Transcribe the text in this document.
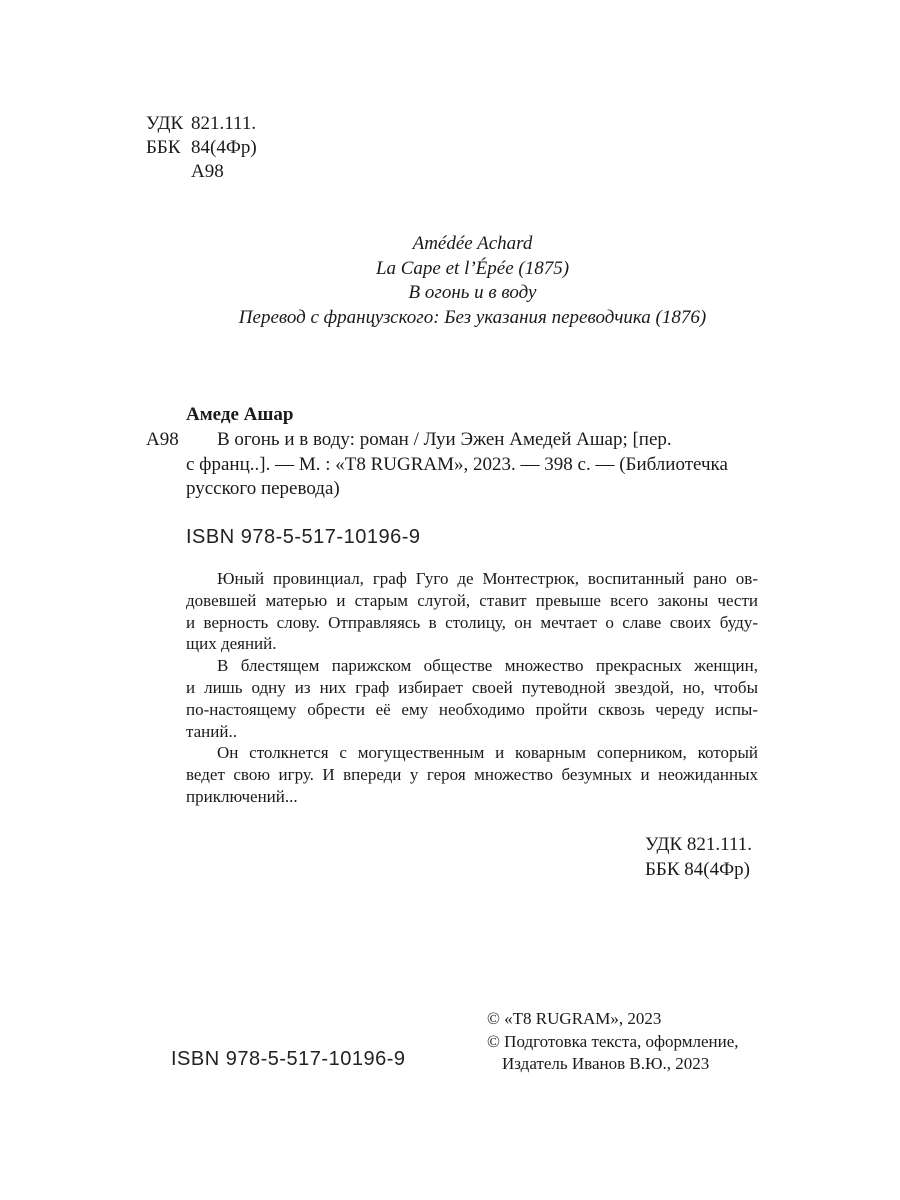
УДК 821.111.
ББК 84(4Фр)
А98
Amédée Achard
La Cape et l’Épée (1875)
В огонь и в воду
Перевод с французского: Без указания переводчика (1876)
Амеде Ашар
А98	В огонь и в воду: роман / Луи Эжен Амедей Ашар; [пер.
с франц..]. — М. : «Т8 RUGRAM», 2023. — 398 с. — (Библиотечка
русского перевода)
ISBN 978-5-517-10196-9
Юный провинциал, граф Гуго де Монтестрюк, воспитанный рано ов-
довевшей матерью и старым слугой, ставит превыше всего законы чести
и верность слову. Отправляясь в столицу, он мечтает о славе своих буду-
щих деяний.
В блестящем парижском обществе множество прекрасных женщин,
и лишь одну из них граф избирает своей путеводной звездой, но, чтобы
по-настоящему обрести её ему необходимо пройти сквозь череду испы-
таний..
Он столкнется с могущественным и коварным соперником, который
ведет свою игру. И впереди у героя множество безумных и неожиданных
приключений...
УДК 821.111.
ББК 84(4Фр)
© «Т8 RUGRAM», 2023
© Подготовка текста, оформление,
Издатель Иванов В.Ю., 2023
ISBN 978-5-517-10196-9
